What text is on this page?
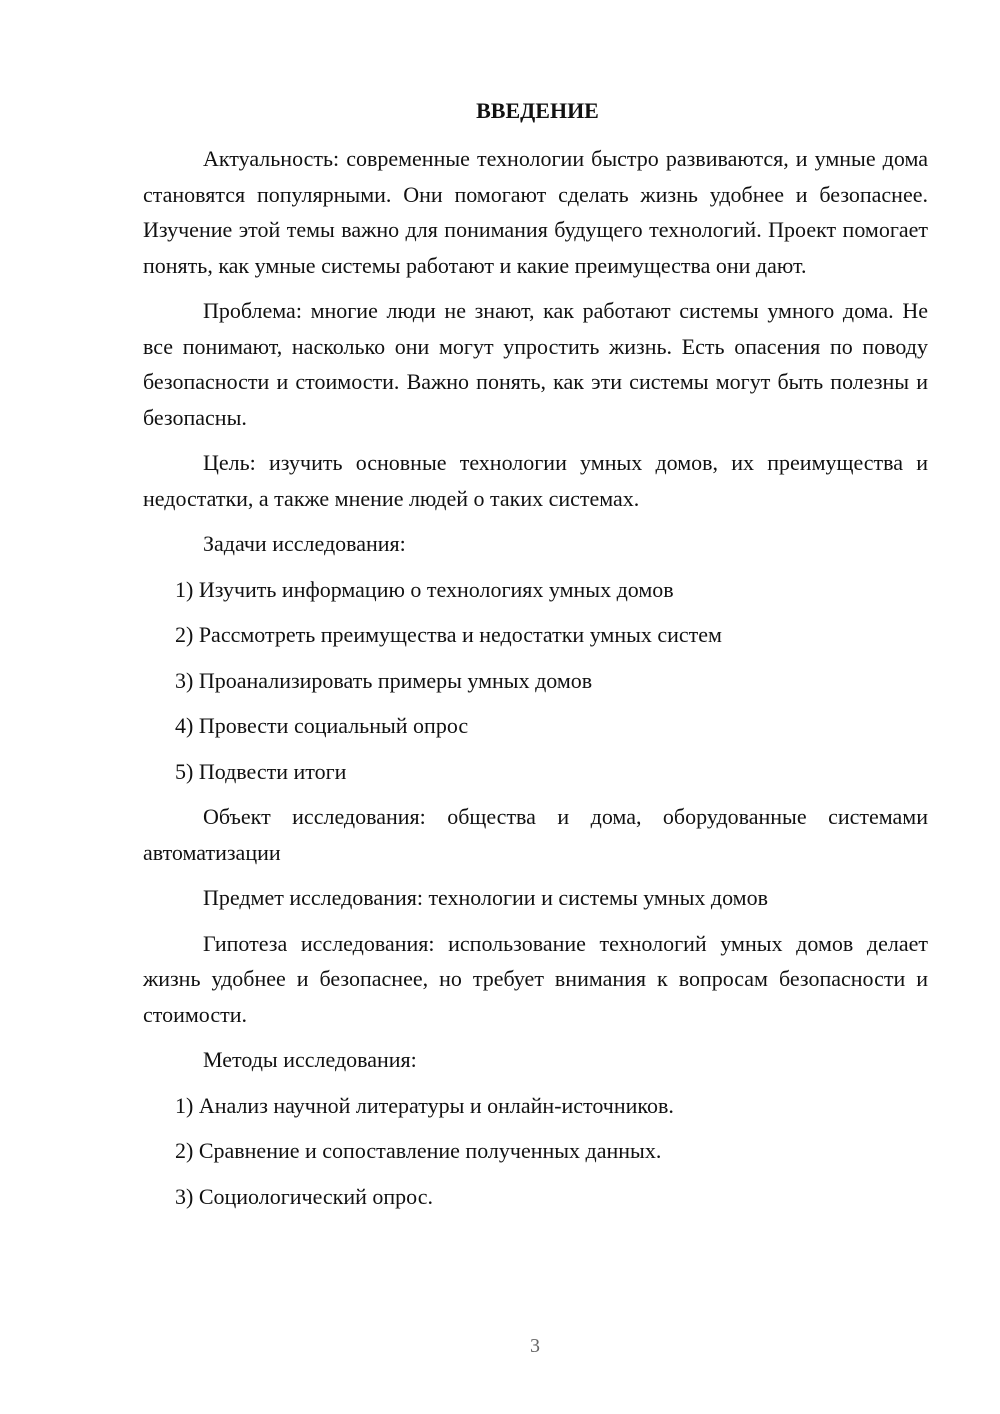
ВВЕДЕНИЕ

Актуальность: современные технологии быстро развиваются, и умные дома становятся популярными. Они помогают сделать жизнь удобнее и безопаснее. Изучение этой темы важно для понимания будущего технологий. Проект помогает понять, как умные системы работают и какие преимущества они дают.

Проблема: многие люди не знают, как работают системы умного дома. Не все понимают, насколько они могут упростить жизнь. Есть опасения по поводу безопасности и стоимости. Важно понять, как эти системы могут быть полезны и безопасны.

Цель: изучить основные технологии умных домов, их преимущества и недостатки, а также мнение людей о таких системах.

Задачи исследования:

1) Изучить информацию о технологиях умных домов

2) Рассмотреть преимущества и недостатки умных систем

3) Проанализировать примеры умных домов

4) Провести социальный опрос

5) Подвести итоги

Объект исследования: общества и дома, оборудованные системами автоматизации

Предмет исследования: технологии и системы умных домов

Гипотеза исследования: использование технологий умных домов делает жизнь удобнее и безопаснее, но требует внимания к вопросам безопасности и стоимости.

Методы исследования:

1) Анализ научной литературы и онлайн-источников.

2) Сравнение и сопоставление полученных данных.

3) Социологический опрос.

3
